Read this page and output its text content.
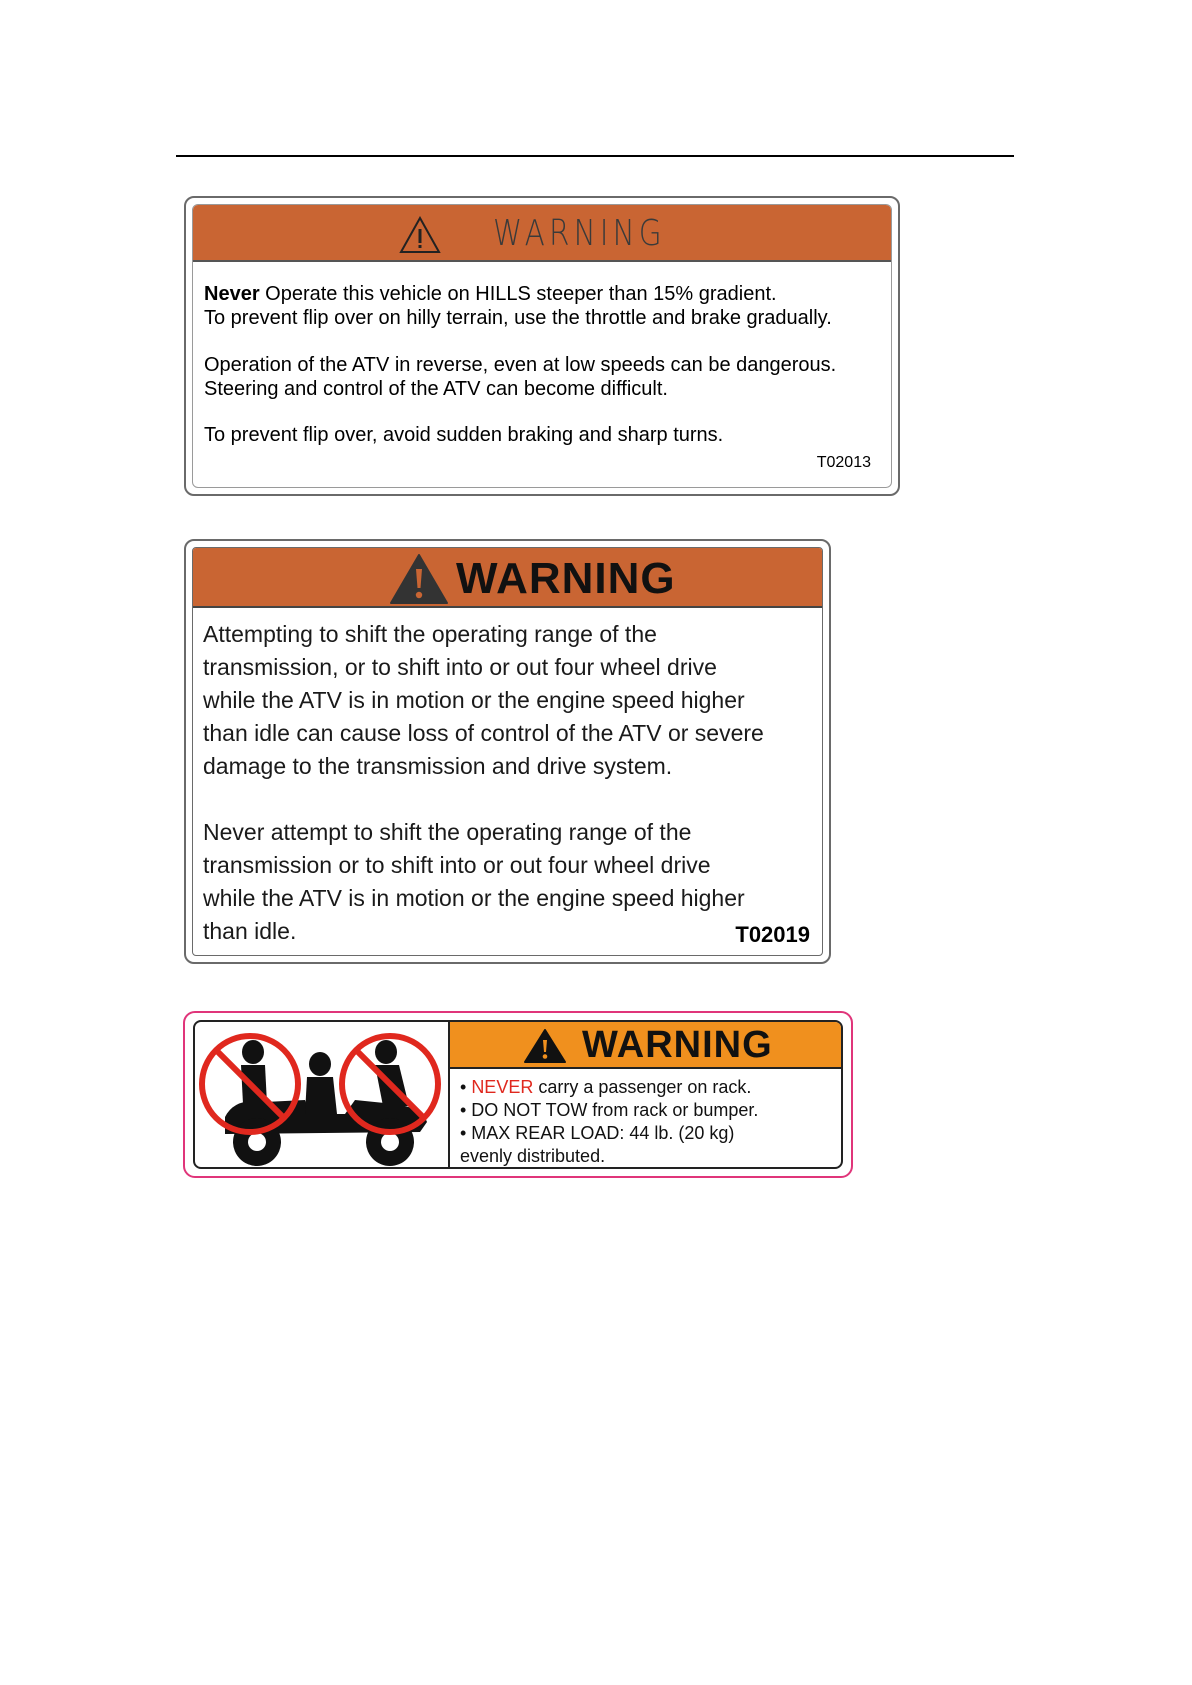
WARNING

Never Operate this vehicle on HILLS steeper than 15% gradient.

To prevent flip over on hilly terrain, use the throttle and brake gradually.

Operation of the ATV in reverse, even at low speeds can be dangerous.

Steering and control of the ATV can become difficult.

To prevent flip over, avoid sudden braking and sharp turns.

T02013
WARNING

Attempting to shift the operating range of the

transmission, or to shift into or out four wheel drive

while the ATV is in motion or the engine speed higher

than idle can cause loss of control of the ATV or severe

damage to the transmission and drive system.

Never attempt to shift the operating range of the

transmission or to shift into or out four wheel drive

while the ATV is in motion or the engine speed higher

than idle.	T02019
WARNING

• NEVER carry a passenger on rack.

• DO NOT TOW from rack or bumper.

• MAX REAR LOAD: 44 lb. (20 kg)

evenly distributed.
